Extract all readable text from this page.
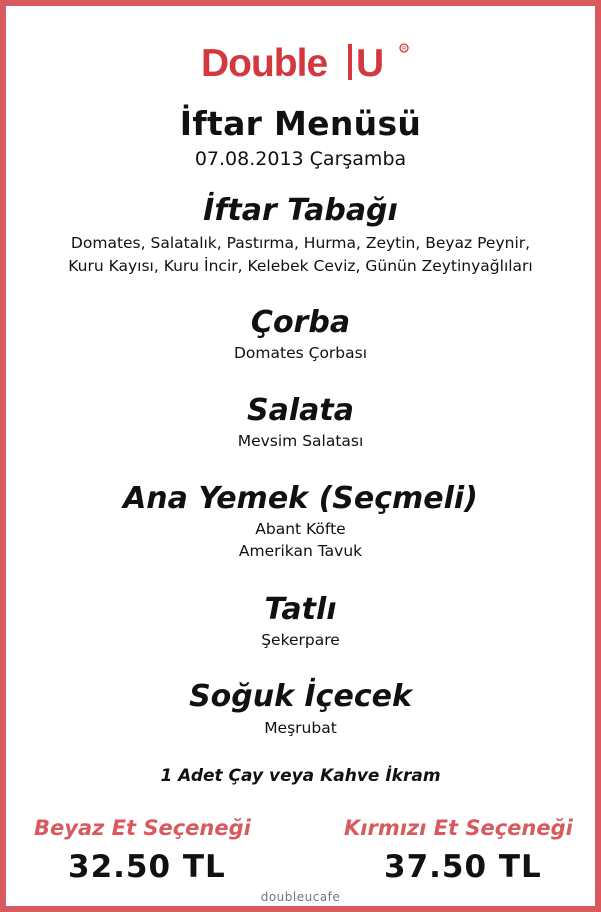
Double U	R
İftar Menüsü
07.08.2013 Çarşamba
İftar Tabağı
Domates, Salatalık, Pastırma, Hurma, Zeytin, Beyaz Peynir,
Kuru Kayısı, Kuru İncir, Kelebek Ceviz, Günün Zeytinyağlıları
Çorba
Domates Çorbası
Salata
Mevsim Salatası
Ana Yemek (Seçmeli)
Abant Köfte
Amerikan Tavuk
Tatlı
Şekerpare
Soğuk İçecek
Meşrubat
1 Adet Çay veya Kahve İkram
Beyaz Et Seçeneği	Kırmızı Et Seçeneği
32.50 TL	37.50 TL
doubleucafe
